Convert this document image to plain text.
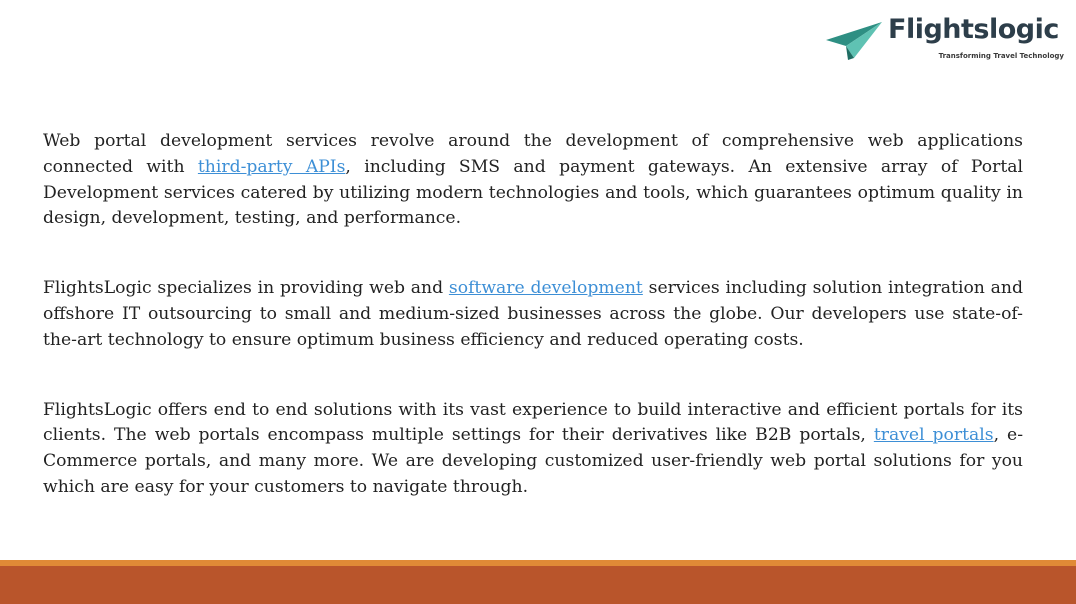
Flightslogic
Transforming Travel Technology

Web portal development services revolve around the development of comprehensive web applications connected with third-party APIs, including SMS and payment gateways. An extensive array of Portal Development services catered by utilizing modern technologies and tools, which guarantees optimum quality in design, development, testing, and performance.

FlightsLogic specializes in providing web and software development services including solution integration and offshore IT outsourcing to small and medium-sized businesses across the globe. Our developers use state-of-the-art technology to ensure optimum business efficiency and reduced operating costs.

FlightsLogic offers end to end solutions with its vast experience to build interactive and efficient portals for its clients. The web portals encompass multiple settings for their derivatives like B2B portals, travel portals, e-Commerce portals, and many more. We are developing customized user-friendly web portal solutions for you which are easy for your customers to navigate through.
